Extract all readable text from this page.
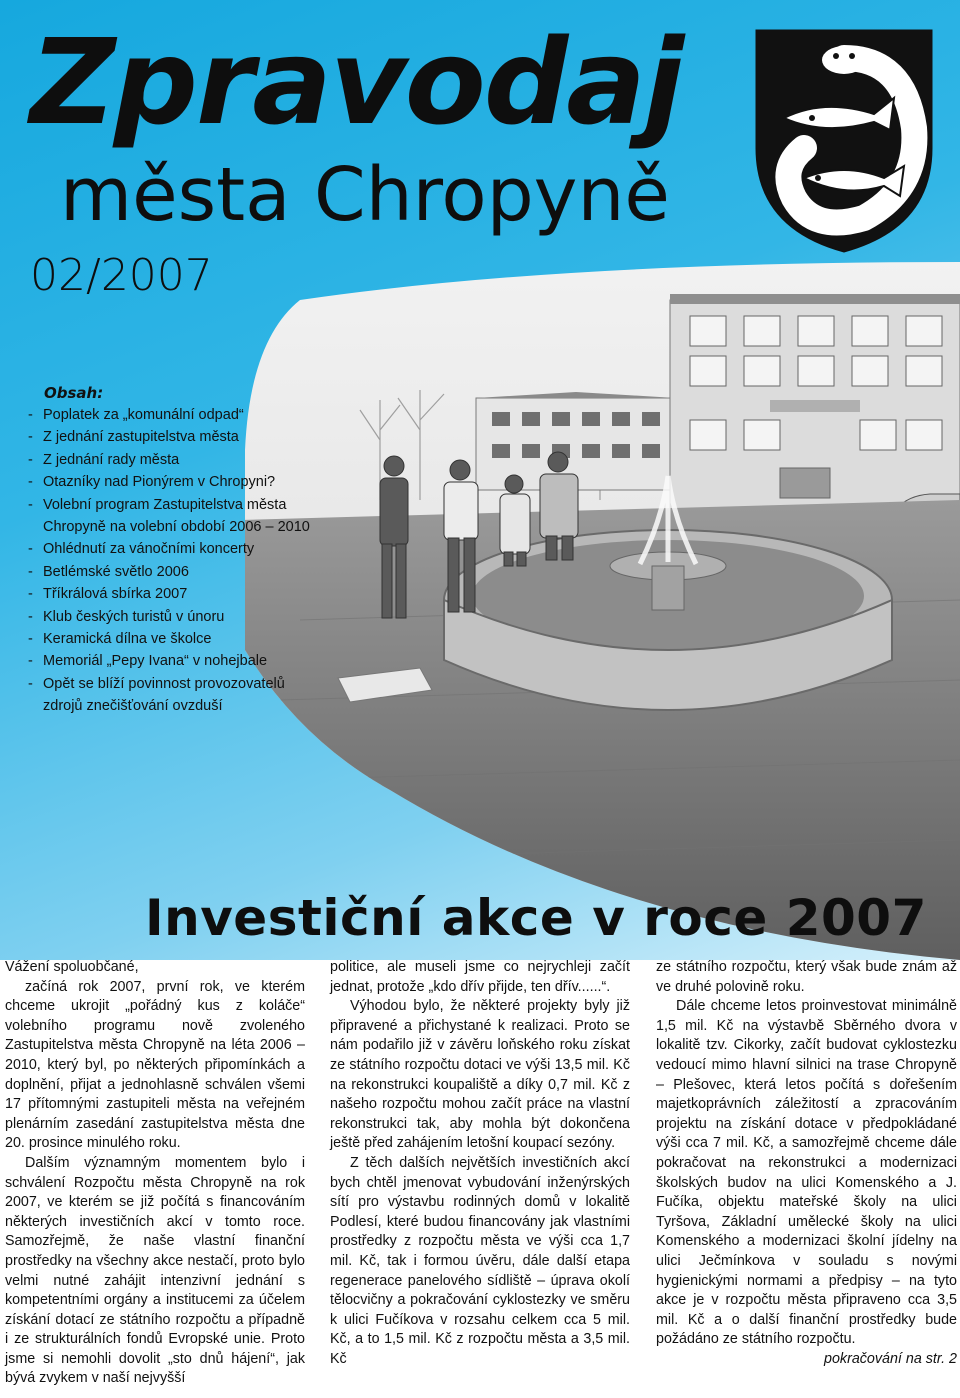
Zpravodaj
města Chropyně
02/2007
Obsah:
- Poplatek za „komunální odpad“
- Z jednání zastupitelstva města
- Z jednání rady města
- Otazníky nad Pionýrem v Chropyni?
- Volební program Zastupitelstva města Chropyně na volební období 2006 – 2010
- Ohlédnutí za vánočními koncerty
- Betlémské světlo 2006
- Tříkrálová sbírka 2007
- Klub českých turistů v únoru
- Keramická dílna ve školce
- Memoriál „Pepy Ivana“ v nohejbale
- Opět se blíží povinnost provozovatelů zdrojů znečišťování ovzduší
Investiční akce v roce 2007

Vážení spoluobčané,

začíná rok 2007, první rok, ve kterém chceme ukrojit „pořádný kus z koláče“ volebního programu nově zvoleného Zastupitelstva města Chropyně na léta 2006 – 2010, který byl, po některých připomínkách a doplnění, přijat a jednohlasně schválen všemi 17 přítomnými zastupiteli města na veřejném plenárním zasedání zastupitelstva města dne 20. prosince minulého roku.

Dalším významným momentem bylo i schválení Rozpočtu města Chropyně na rok 2007, ve kterém se již počítá s financováním některých investičních akcí v tomto roce. Samozřejmě, že naše vlastní finanční prostředky na všechny akce nestačí, proto bylo velmi nutné zahájit intenzivní jednání s kompetentními orgány a institucemi za účelem získání dotací ze státního rozpočtu a případně i ze strukturálních fondů Evropské unie. Proto jsme si nemohli dovolit „sto dnů hájení“, jak bývá zvykem v naší nejvyšší

politice, ale museli jsme co nejrychleji začít jednat, protože „kdo dřív přijde, ten dřív......“.

Výhodou bylo, že některé projekty byly již připravené a přichystané k realizaci. Proto se nám podařilo již v závěru loňského roku získat ze státního rozpočtu dotaci ve výši 13,5 mil. Kč na rekonstrukci koupaliště a díky 0,7 mil. Kč z našeho rozpočtu mohou začít práce na vlastní rekonstrukci tak, aby mohla být dokončena ještě před zahájením letošní koupací sezóny.

Z těch dalších největších investičních akcí bych chtěl jmenovat vybudování inženýrských sítí pro výstavbu rodinných domů v lokalitě Podlesí, které budou financovány jak vlastními prostředky z rozpočtu města ve výši cca 1,7 mil. Kč, tak i formou úvěru, dále další etapa regenerace panelového sídliště – úprava okolí tělocvičny a pokračování cyklostezky ve směru k ulici Fučíkova v rozsahu celkem cca 5 mil. Kč, a to 1,5 mil. Kč z rozpočtu města a 3,5 mil. Kč

ze státního rozpočtu, který však bude znám až ve druhé polovině roku.

Dále chceme letos proinvestovat minimálně 1,5 mil. Kč na výstavbě Sběrného dvora v lokalitě tzv. Cikorky, začít budovat cyklostezku vedoucí mimo hlavní silnici na trase Chropyně – Plešovec, která letos počítá s dořešením majetkoprávních záležitostí a zpracováním projektu na získání dotace v předpokládané výši cca 7 mil. Kč, a samozřejmě chceme dále pokračovat na rekonstrukci a modernizaci školských budov na ulici Komenského a J. Fučíka, objektu mateřské školy na ulici Tyršova, Základní umělecké školy na ulici Komenského a modernizaci školní jídelny na ulici Ječmínkova v souladu s novými hygienickými normami a předpisy – na tyto akce je v rozpočtu města připraveno cca 3,5 mil. Kč a o další finanční prostředky bude požádáno ze státního rozpočtu.

pokračování na str. 2
